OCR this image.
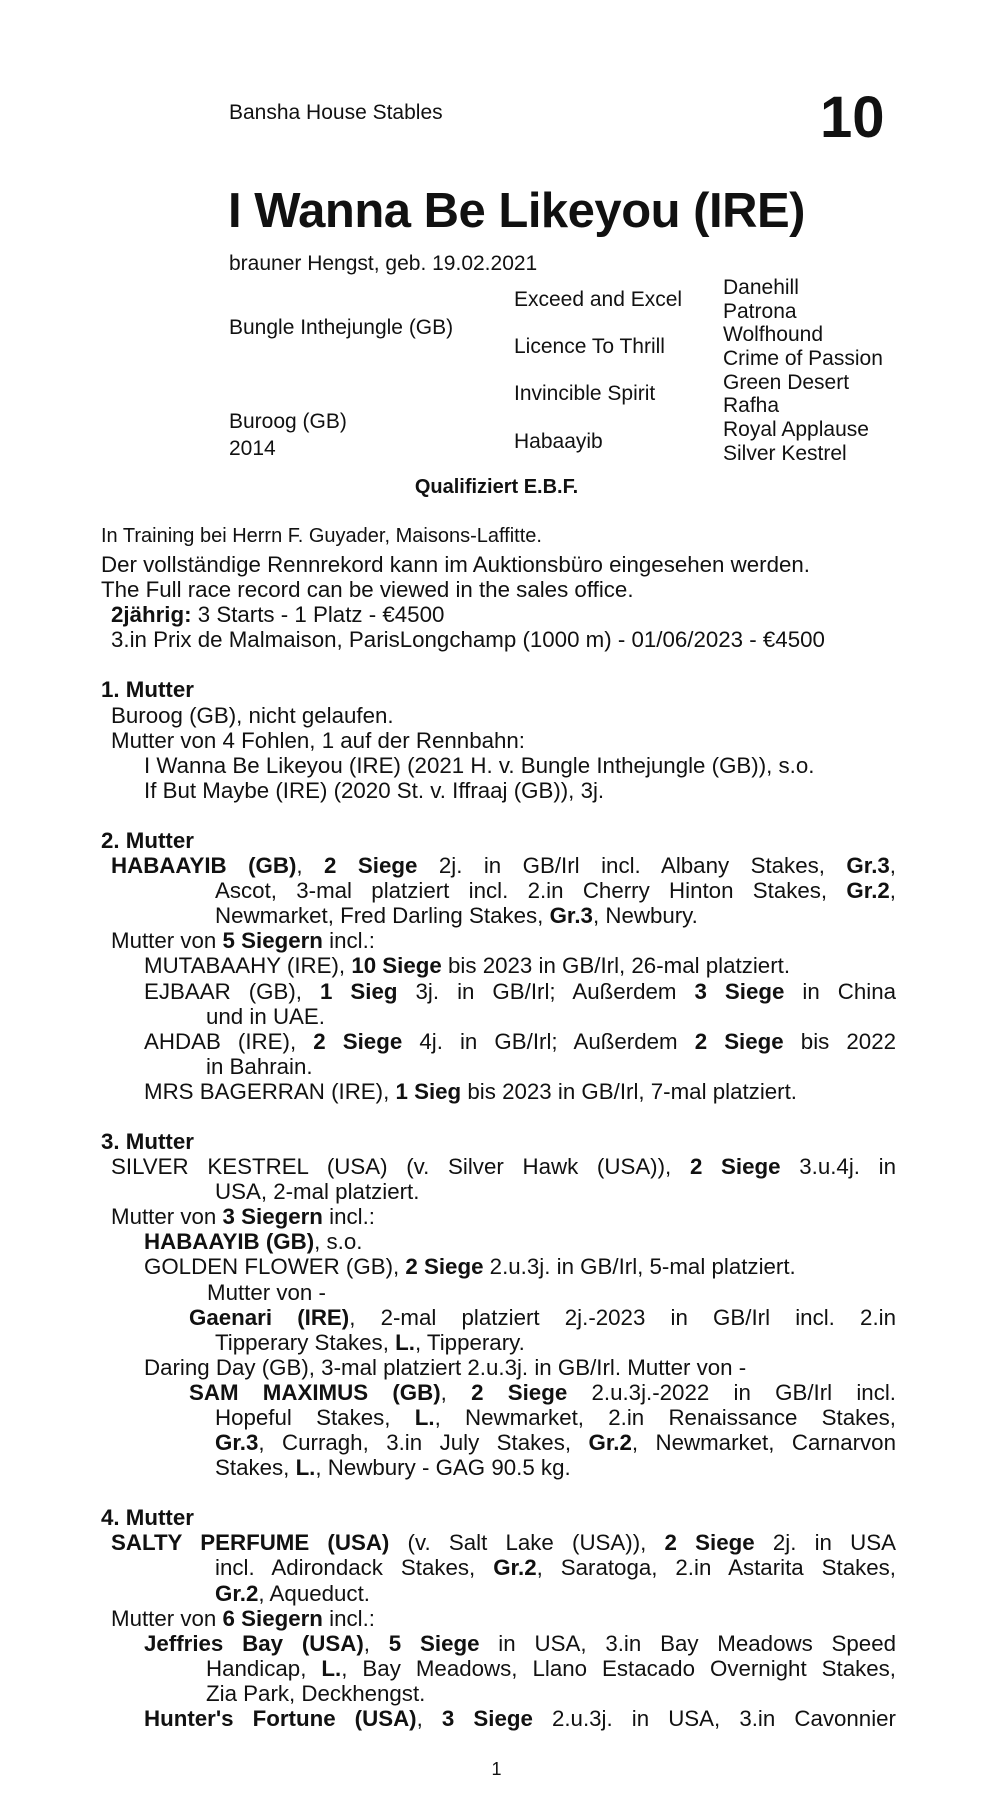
Bansha House Stables	10
I Wanna Be Likeyou (IRE)
brauner Hengst, geb. 19.02.2021
Bungle Inthejungle (GB)
Buroog (GB)
2014
Exceed and Excel
Licence To Thrill
Invincible Spirit
Habaayib
Danehill
Patrona
Wolfhound
Crime of Passion
Green Desert
Rafha
Royal Applause
Silver Kestrel
Qualifiziert E.B.F.
In Training bei Herrn F. Guyader, Maisons-Laffitte.
Der vollständige Rennrekord kann im Auktionsbüro eingesehen werden.
The Full race record can be viewed in the sales office.
2jährig: 3 Starts - 1 Platz - €4500
3.in Prix de Malmaison, ParisLongchamp (1000 m) - 01/06/2023 - €4500
1. Mutter
Buroog (GB), nicht gelaufen.
Mutter von 4 Fohlen, 1 auf der Rennbahn:
I Wanna Be Likeyou (IRE) (2021 H. v. Bungle Inthejungle (GB)), s.o.
If But Maybe (IRE) (2020 St. v. Iffraaj (GB)), 3j.
2. Mutter
HABAAYIB (GB), 2 Siege 2j. in GB/Irl incl. Albany Stakes, Gr.3,
Ascot, 3-mal platziert incl. 2.in Cherry Hinton Stakes, Gr.2,
Newmarket, Fred Darling Stakes, Gr.3, Newbury.
Mutter von 5 Siegern incl.:
MUTABAAHY (IRE), 10 Siege bis 2023 in GB/Irl, 26-mal platziert.
EJBAAR (GB), 1 Sieg 3j. in GB/Irl; Außerdem 3 Siege in China
und in UAE.
AHDAB (IRE), 2 Siege 4j. in GB/Irl; Außerdem 2 Siege bis 2022
in Bahrain.
MRS BAGERRAN (IRE), 1 Sieg bis 2023 in GB/Irl, 7-mal platziert.
3. Mutter
SILVER KESTREL (USA) (v. Silver Hawk (USA)), 2 Siege 3.u.4j. in
USA, 2-mal platziert.
Mutter von 3 Siegern incl.:
HABAAYIB (GB), s.o.
GOLDEN FLOWER (GB), 2 Siege 2.u.3j. in GB/Irl, 5-mal platziert.
Mutter von -
Gaenari (IRE), 2-mal platziert 2j.-2023 in GB/Irl incl. 2.in
Tipperary Stakes, L., Tipperary.
Daring Day (GB), 3-mal platziert 2.u.3j. in GB/Irl. Mutter von -
SAM MAXIMUS (GB), 2 Siege 2.u.3j.-2022 in GB/Irl incl.
Hopeful Stakes, L., Newmarket, 2.in Renaissance Stakes,
Gr.3, Curragh, 3.in July Stakes, Gr.2, Newmarket, Carnarvon
Stakes, L., Newbury - GAG 90.5 kg.
4. Mutter
SALTY PERFUME (USA) (v. Salt Lake (USA)), 2 Siege 2j. in USA
incl. Adirondack Stakes, Gr.2, Saratoga, 2.in Astarita Stakes,
Gr.2, Aqueduct.
Mutter von 6 Siegern incl.:
Jeffries Bay (USA), 5 Siege in USA, 3.in Bay Meadows Speed
Handicap, L., Bay Meadows, Llano Estacado Overnight Stakes,
Zia Park, Deckhengst.
Hunter's Fortune (USA), 3 Siege 2.u.3j. in USA, 3.in Cavonnier
1
